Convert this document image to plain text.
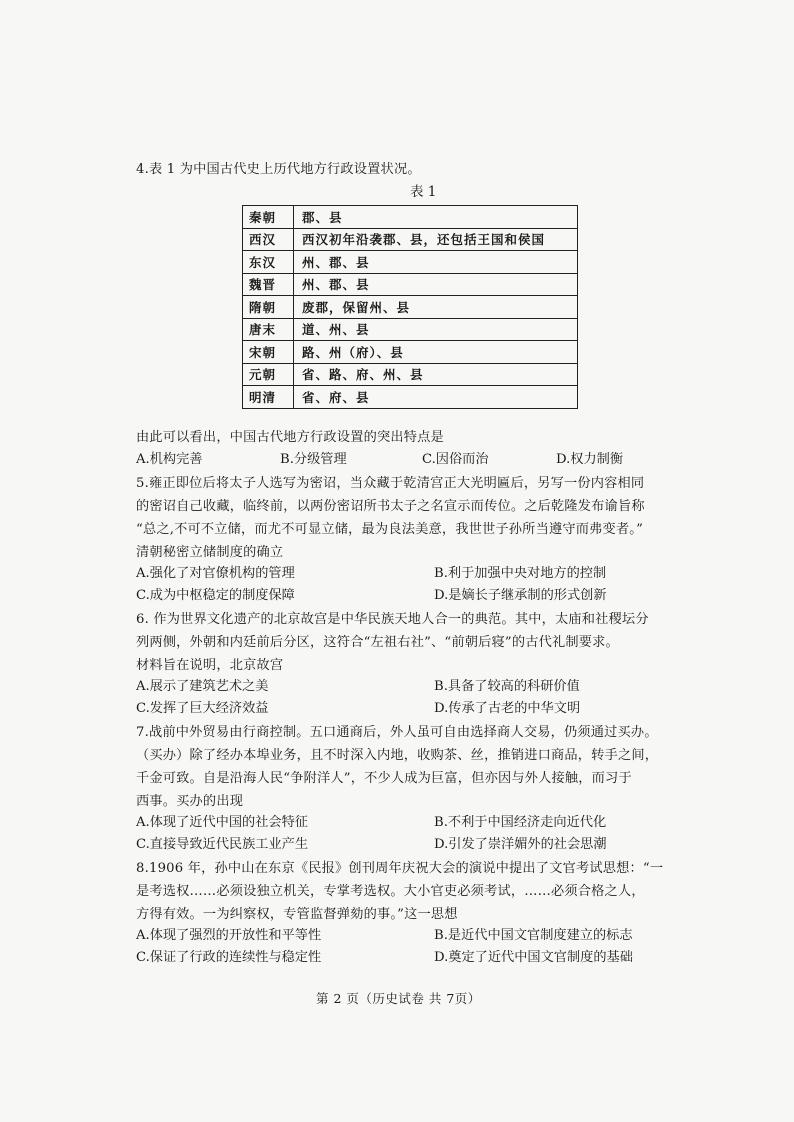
4.表 1 为中国古代史上历代地方行政设置状况。
表 1
秦朝	郡、县
西汉	西汉初年沿袭郡、县，还包括王国和侯国
东汉	州、郡、县
魏晋	州、郡、县
隋朝	废郡，保留州、县
唐末	道、州、县
宋朝	路、州（府）、县
元朝	省、路、府、州、县
明清	省、府、县
由此可以看出，中国古代地方行政设置的突出特点是
A.机构完善	B.分级管理	C.因俗而治	D.权力制衡
5.雍正即位后将太子人选写为密诏，当众藏于乾清宫正大光明匾后，另写一份内容相同
的密诏自己收藏，临终前，以两份密诏所书太子之名宣示而传位。之后乾隆发布谕旨称
“总之,不可不立储，而尤不可显立储，最为良法美意，我世世子孙所当遵守而弗变者。”
清朝秘密立储制度的确立
A.强化了对官僚机构的管理	B.利于加强中央对地方的控制
C.成为中枢稳定的制度保障	D.是嫡长子继承制的形式创新
6. 作为世界文化遗产的北京故宫是中华民族天地人合一的典范。其中，太庙和社稷坛分
列两侧，外朝和内廷前后分区，这符合“左祖右社”、“前朝后寝”的古代礼制要求。
材料旨在说明，北京故宫
A.展示了建筑艺术之美	B.具备了较高的科研价值
C.发挥了巨大经济效益	D.传承了古老的中华文明
7.战前中外贸易由行商控制。五口通商后，外人虽可自由选择商人交易，仍须通过买办。
（买办）除了经办本埠业务，且不时深入内地，收购茶、丝，推销进口商品，转手之间，
千金可致。自是沿海人民“争附洋人”，不少人成为巨富，但亦因与外人接触，而习于
西事。买办的出现
A.体现了近代中国的社会特征	B.不利于中国经济走向近代化
C.直接导致近代民族工业产生	D.引发了崇洋媚外的社会思潮
8.1906 年，孙中山在东京《民报》创刊周年庆祝大会的演说中提出了文官考试思想：“一
是考选权……必须设独立机关，专掌考选权。大小官吏必须考试，……必须合格之人，
方得有效。一为纠察权，专管监督弹劾的事。”这一思想
A.体现了强烈的开放性和平等性	B.是近代中国文官制度建立的标志
C.保证了行政的连续性与稳定性	D.奠定了近代中国文官制度的基础
第 2 页（历史试卷 共 7页）
